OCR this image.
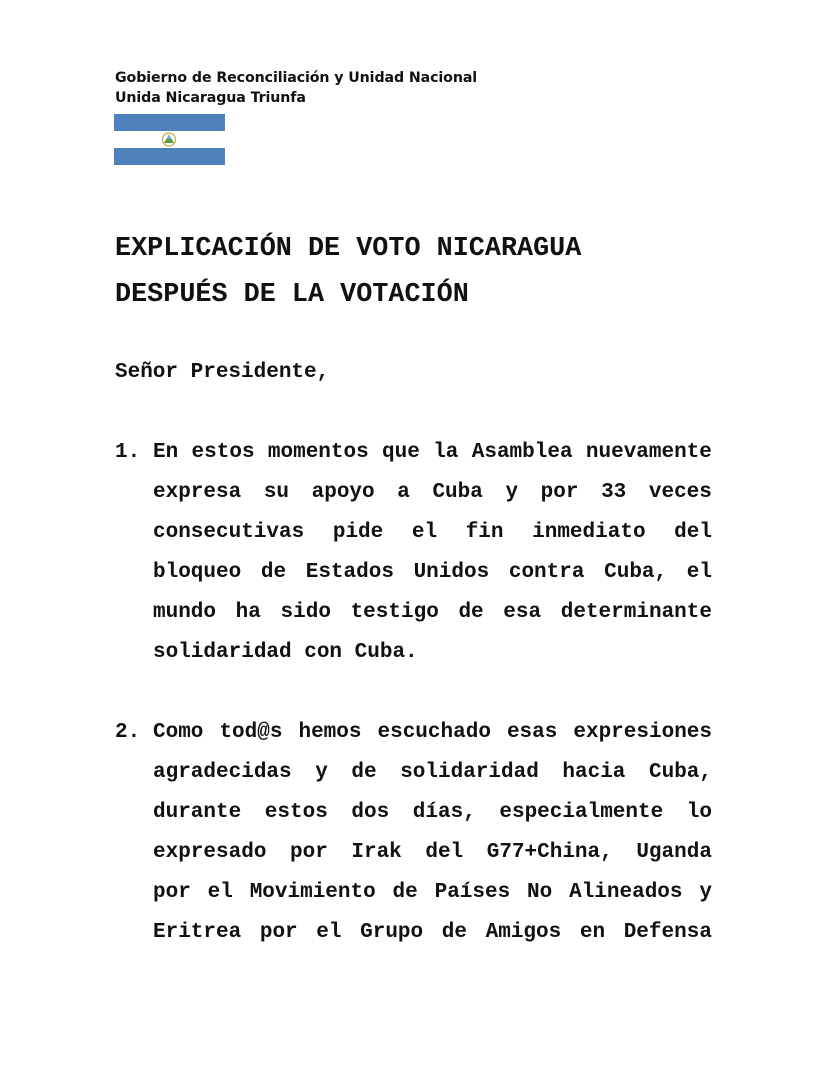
Gobierno de Reconciliación y Unidad Nacional
Unida Nicaragua Triunfa
EXPLICACIÓN DE VOTO NICARAGUA
DESPUÉS DE LA VOTACIÓN
Señor Presidente,
1. En estos momentos que la Asamblea nuevamente
expresa su apoyo a Cuba y por 33 veces
consecutivas pide el fin inmediato del
bloqueo de Estados Unidos contra Cuba, el
mundo ha sido testigo de esa determinante
solidaridad con Cuba.
2. Como tod@s hemos escuchado esas expresiones
agradecidas y de solidaridad hacia Cuba,
durante estos dos días, especialmente lo
expresado por Irak del G77+China, Uganda
por el Movimiento de Países No Alineados y
Eritrea por el Grupo de Amigos en Defensa
